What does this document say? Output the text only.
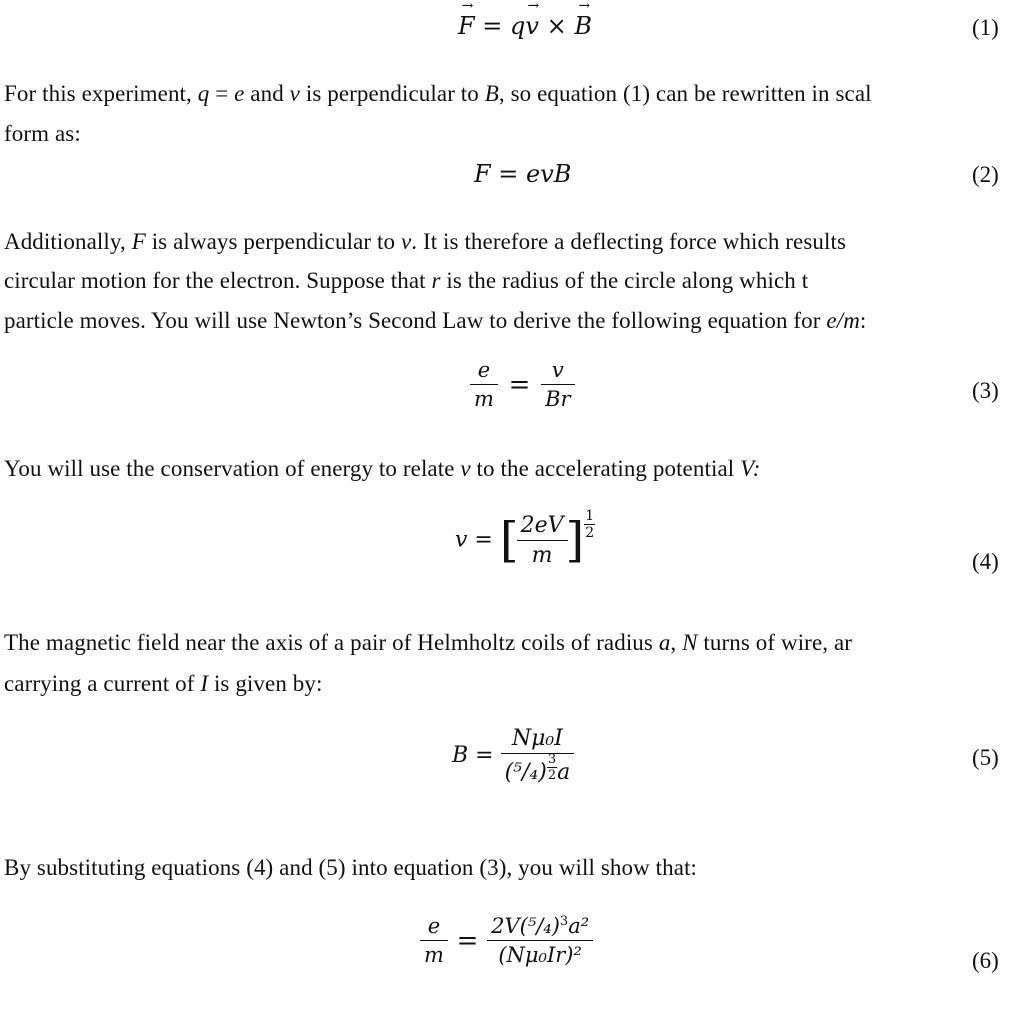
→
F = q
→
v ×
→
B	(1)
For this experiment, q = e and v is perpendicular to B, so equation (1) can be rewritten in scal
form as:
F = evB	(2)
Additionally, F is always perpendicular to v. It is therefore a deflecting force which results
circular motion for the electron. Suppose that r is the radius of the circle along which t
particle moves. You will use Newton’s Second Law to derive the following equation for e/m:
$\frac{e}{m} = \frac{v}{Br}$	(3)
You will use the conservation of energy to relate v to the accelerating potential V:
v = [
$\frac{2eV}{m}$
] $\frac{1}{2}$
(4)
The magnetic field near the axis of a pair of Helmholtz coils of radius a, N turns of wire, ar
carrying a current of I is given by:
$B = \frac{\text{Nμ₀I}}{(^5/_4) \frac{3}{2} a}$	(5)
By substituting equations (4) and (5) into equation (3), you will show that:
$\frac{e}{m} = \frac{2V(^5/_4)^3a^2}{\text{(Nμ₀Ir)²}}$	(6)
